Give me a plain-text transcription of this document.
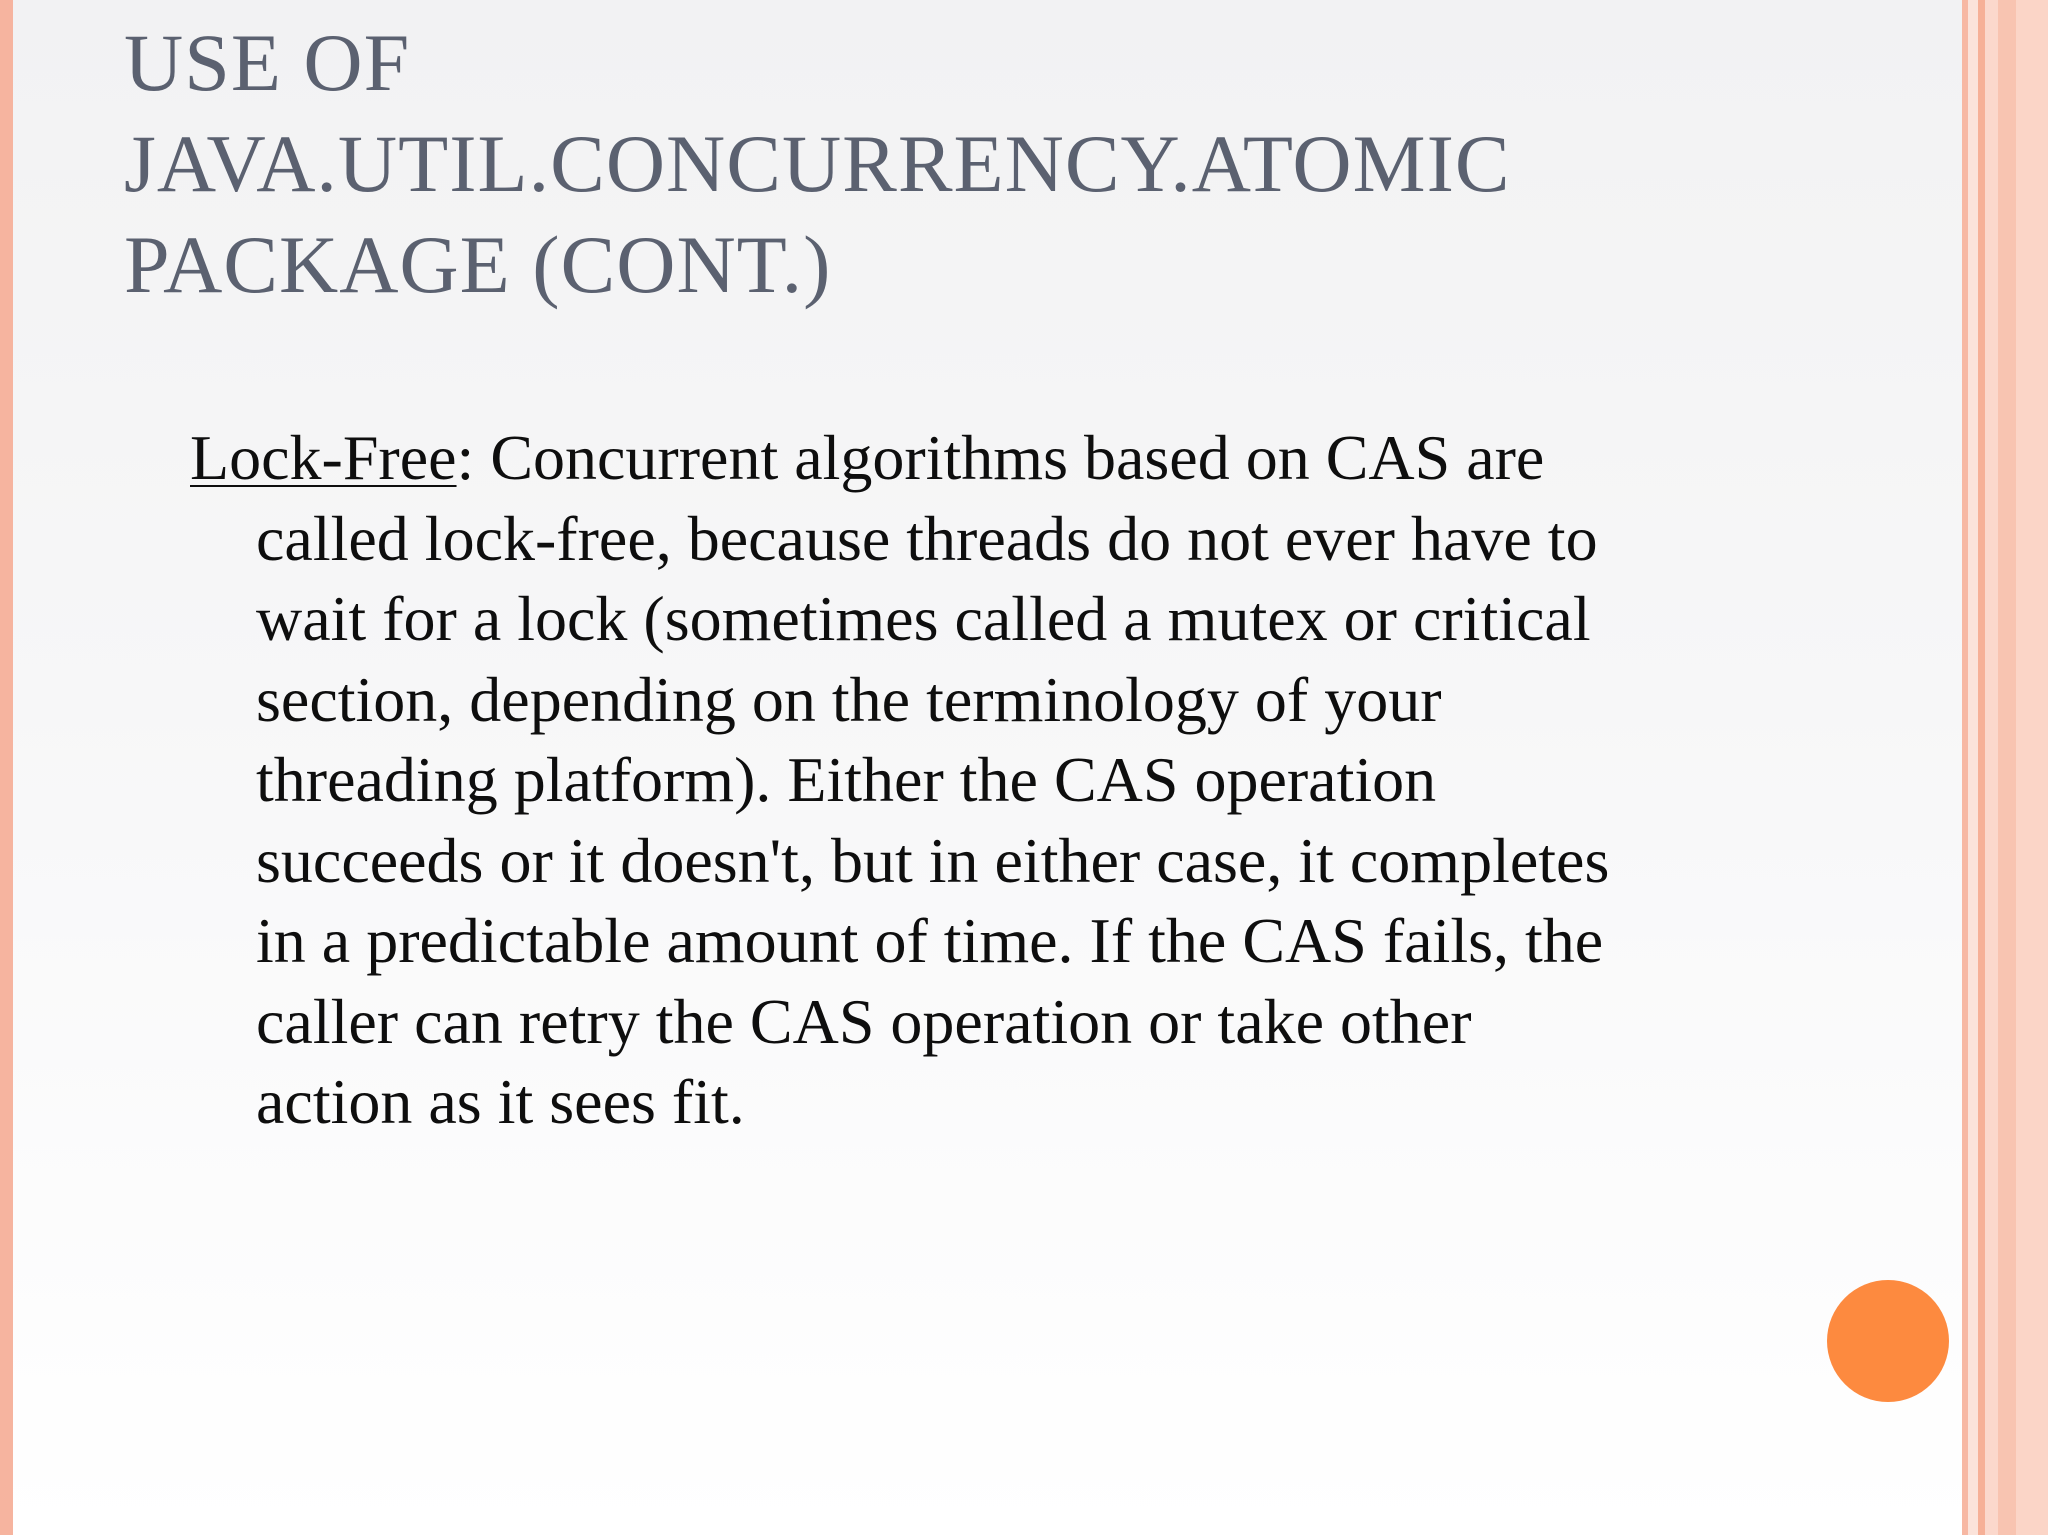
USE OF
JAVA.UTIL.CONCURRENCY.ATOMIC
PACKAGE (CONT.)
Lock-Free: Concurrent algorithms based on CAS are
called lock-free, because threads do not ever have to
wait for a lock (sometimes called a mutex or critical
section, depending on the terminology of your
threading platform). Either the CAS operation
succeeds or it doesn't, but in either case, it completes
in a predictable amount of time. If the CAS fails, the
caller can retry the CAS operation or take other
action as it sees fit.
